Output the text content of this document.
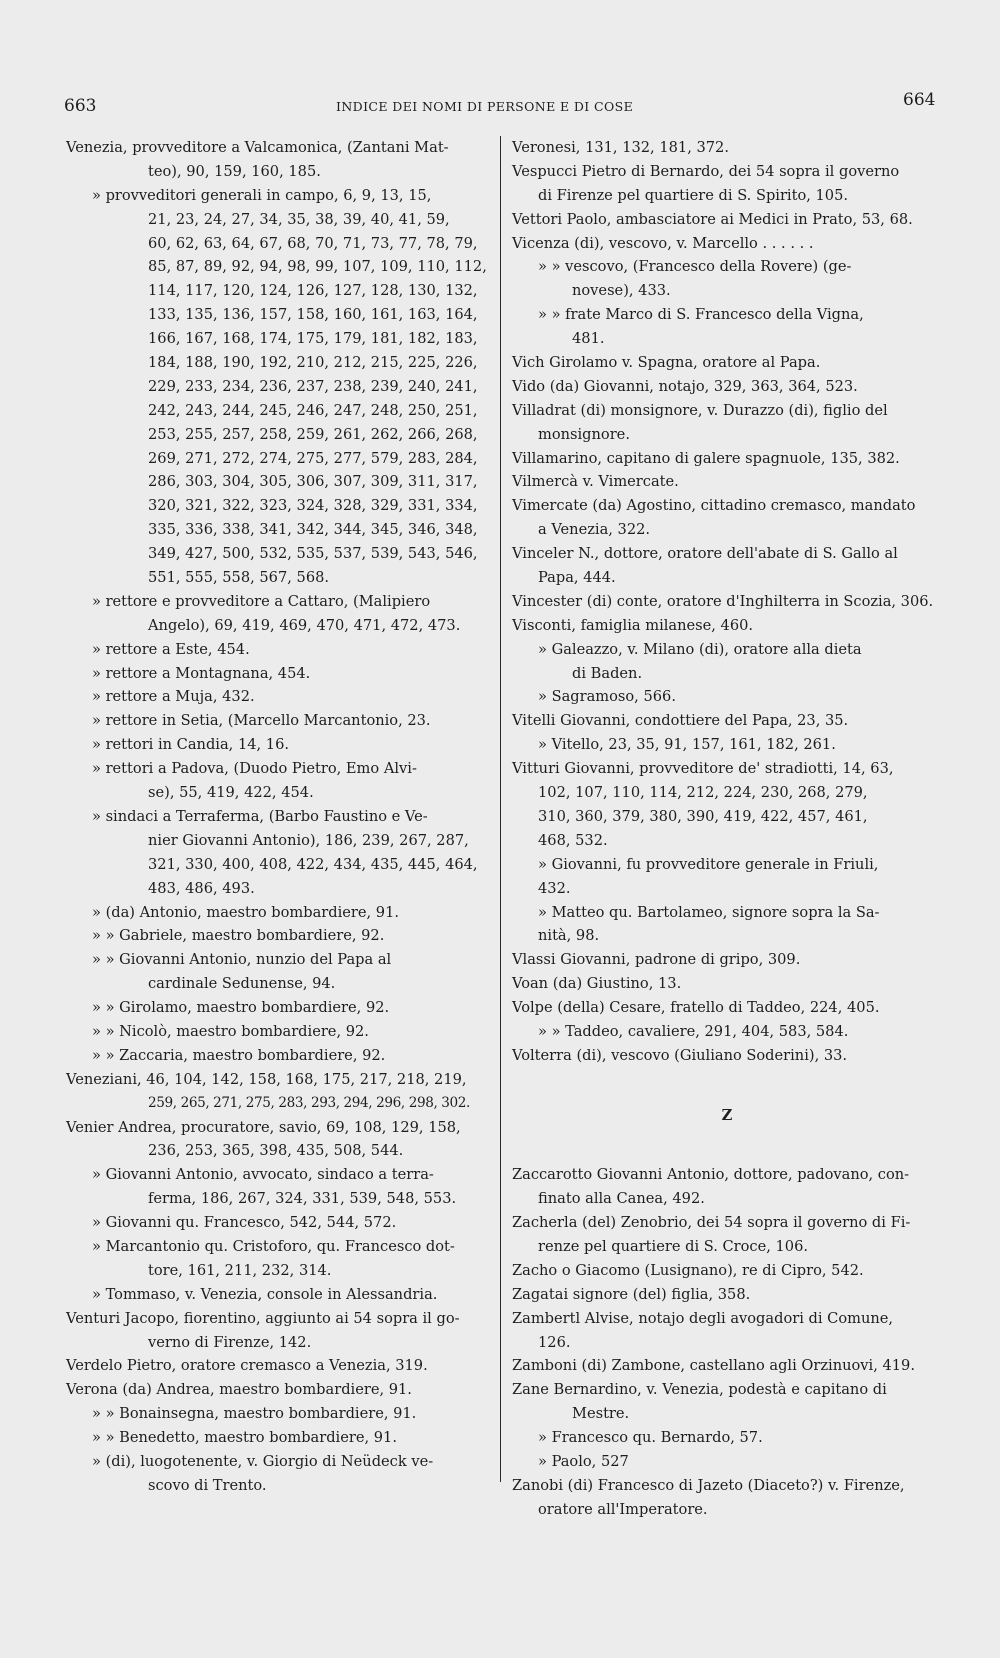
663	INDICE DEI NOMI DI PERSONE E DI COSE	664
Venezia, provveditore a Valcamonica, (Zantani Mat-
teo), 90, 159, 160, 185.
» provveditori generali in campo, 6, 9, 13, 15,
21, 23, 24, 27, 34, 35, 38, 39, 40, 41, 59,
60, 62, 63, 64, 67, 68, 70, 71, 73, 77, 78, 79,
85, 87, 89, 92, 94, 98, 99, 107, 109, 110, 112,
114, 117, 120, 124, 126, 127, 128, 130, 132,
133, 135, 136, 157, 158, 160, 161, 163, 164,
166, 167, 168, 174, 175, 179, 181, 182, 183,
184, 188, 190, 192, 210, 212, 215, 225, 226,
229, 233, 234, 236, 237, 238, 239, 240, 241,
242, 243, 244, 245, 246, 247, 248, 250, 251,
253, 255, 257, 258, 259, 261, 262, 266, 268,
269, 271, 272, 274, 275, 277, 579, 283, 284,
286, 303, 304, 305, 306, 307, 309, 311, 317,
320, 321, 322, 323, 324, 328, 329, 331, 334,
335, 336, 338, 341, 342, 344, 345, 346, 348,
349, 427, 500, 532, 535, 537, 539, 543, 546,
551, 555, 558, 567, 568.
» rettore e provveditore a Cattaro, (Malipiero
Angelo), 69, 419, 469, 470, 471, 472, 473.
» rettore a Este, 454.
» rettore a Montagnana, 454.
» rettore a Muja, 432.
» rettore in Setia, (Marcello Marcantonio, 23.
» rettori in Candia, 14, 16.
» rettori a Padova, (Duodo Pietro, Emo Alvi-
se), 55, 419, 422, 454.
» sindaci a Terraferma, (Barbo Faustino e Ve-
nier Giovanni Antonio), 186, 239, 267, 287,
321, 330, 400, 408, 422, 434, 435, 445, 464,
483, 486, 493.
» (da) Antonio, maestro bombardiere, 91.
» » Gabriele, maestro bombardiere, 92.
» » Giovanni Antonio, nunzio del Papa al
cardinale Sedunense, 94.
» » Girolamo, maestro bombardiere, 92.
» » Nicolò, maestro bombardiere, 92.
» » Zaccaria, maestro bombardiere, 92.
Veneziani, 46, 104, 142, 158, 168, 175, 217, 218, 219,
259, 265, 271, 275, 283, 293, 294, 296, 298, 302.
Venier Andrea, procuratore, savio, 69, 108, 129, 158,
236, 253, 365, 398, 435, 508, 544.
» Giovanni Antonio, avvocato, sindaco a terra-
ferma, 186, 267, 324, 331, 539, 548, 553.
» Giovanni qu. Francesco, 542, 544, 572.
» Marcantonio qu. Cristoforo, qu. Francesco dot-
tore, 161, 211, 232, 314.
» Tommaso, v. Venezia, console in Alessandria.
Venturi Jacopo, fiorentino, aggiunto ai 54 sopra il go-
verno di Firenze, 142.
Verdelo Pietro, oratore cremasco a Venezia, 319.
Verona (da) Andrea, maestro bombardiere, 91.
» » Bonainsegna, maestro bombardiere, 91.
» » Benedetto, maestro bombardiere, 91.
» (di), luogotenente, v. Giorgio di Neüdeck ve-
scovo di Trento.
Veronesi, 131, 132, 181, 372.
Vespucci Pietro di Bernardo, dei 54 sopra il governo
di Firenze pel quartiere di S. Spirito, 105.
Vettori Paolo, ambasciatore ai Medici in Prato, 53, 68.
Vicenza (di), vescovo, v. Marcello . . . . . .
» » vescovo, (Francesco della Rovere) (ge-
novese), 433.
» » frate Marco di S. Francesco della Vigna,
481.
Vich Girolamo v. Spagna, oratore al Papa.
Vido (da) Giovanni, notajo, 329, 363, 364, 523.
Villadrat (di) monsignore, v. Durazzo (di), figlio del
monsignore.
Villamarino, capitano di galere spagnuole, 135, 382.
Vilmercà v. Vimercate.
Vimercate (da) Agostino, cittadino cremasco, mandato
a Venezia, 322.
Vinceler N., dottore, oratore dell'abate di S. Gallo al
Papa, 444.
Vincester (di) conte, oratore d'Inghilterra in Scozia, 306.
Visconti, famiglia milanese, 460.
» Galeazzo, v. Milano (di), oratore alla dieta
di Baden.
» Sagramoso, 566.
Vitelli Giovanni, condottiere del Papa, 23, 35.
» Vitello, 23, 35, 91, 157, 161, 182, 261.
Vitturi Giovanni, provveditore de' stradiotti, 14, 63,
102, 107, 110, 114, 212, 224, 230, 268, 279,
310, 360, 379, 380, 390, 419, 422, 457, 461,
468, 532.
» Giovanni, fu provveditore generale in Friuli,
432.
» Matteo qu. Bartolameo, signore sopra la Sa-
nità, 98.
Vlassi Giovanni, padrone di gripo, 309.
Voan (da) Giustino, 13.
Volpe (della) Cesare, fratello di Taddeo, 224, 405.
» » Taddeo, cavaliere, 291, 404, 583, 584.
Volterra (di), vescovo (Giuliano Soderini), 33.
Z
Zaccarotto Giovanni Antonio, dottore, padovano, con-
finato alla Canea, 492.
Zacherla (del) Zenobrio, dei 54 sopra il governo di Fi-
renze pel quartiere di S. Croce, 106.
Zacho o Giacomo (Lusignano), re di Cipro, 542.
Zagatai signore (del) figlia, 358.
Zambertl Alvise, notajo degli avogadori di Comune,
126.
Zamboni (di) Zambone, castellano agli Orzinuovi, 419.
Zane Bernardino, v. Venezia, podestà e capitano di
Mestre.
» Francesco qu. Bernardo, 57.
» Paolo, 527
Zanobi (di) Francesco di Jazeto (Diaceto?) v. Firenze,
oratore all'Imperatore.
